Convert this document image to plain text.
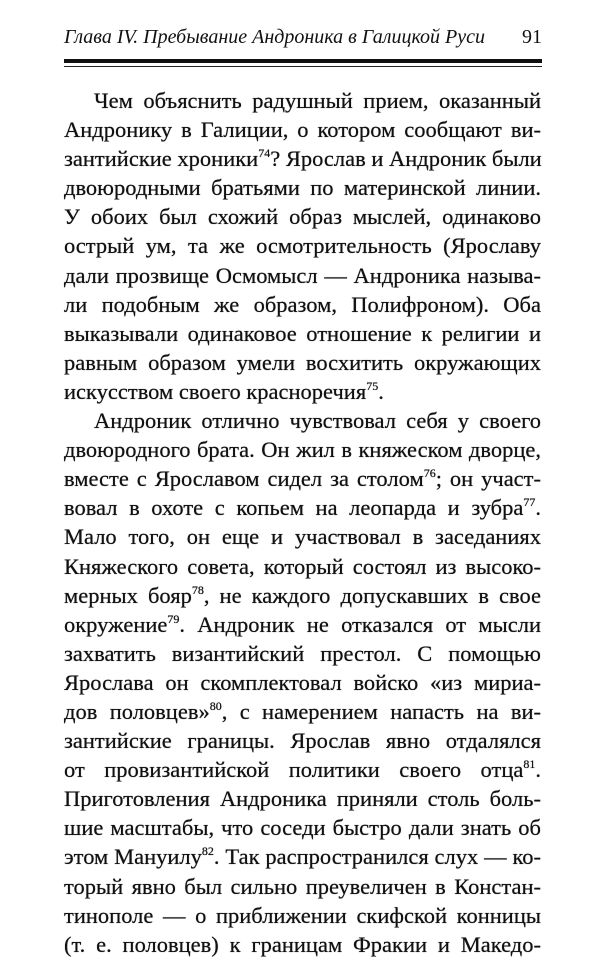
Глава IV. Пребывание Андроника в Галицкой Руси 91
Чем объяснить радушный прием, оказанный
Андронику в Галиции, о котором сообщают ви-
зантийские хроники$^{74}$? Ярослав и Андроник были
двоюродными братьями по материнской линии.
У обоих был схожий образ мыслей, одинаково
острый ум, та же осмотрительность (Ярославу
дали прозвище Осмомысл — Андроника называ-
ли подобным же образом, Полифроном). Оба
выказывали одинаковое отношение к религии и
равным образом умели восхитить окружающих
искусством своего красноречия$^{75}$.
Андроник отлично чувствовал себя у своего
двоюродного брата. Он жил в княжеском дворце,
вместе с Ярославом сидел за столом$^{76}$; он участ-
вовал в охоте с копьем на леопарда и зубра$^{77}$.
Мало того, он еще и участвовал в заседаниях
Княжеского совета, который состоял из высоко-
мерных бояр$^{78}$, не каждого допускавших в свое
окружение$^{79}$. Андроник не отказался от мысли
захватить византийский престол. С помощью
Ярослава он скомплектовал войско «из мириа-
дов половцев»$^{80}$, с намерением напасть на ви-
зантийские границы. Ярослав явно отдалялся
от провизантийской политики своего отца$^{81}$.
Приготовления Андроника приняли столь боль-
шие масштабы, что соседи быстро дали знать об
этом Мануилу$^{82}$. Так распространился слух — ко-
торый явно был сильно преувеличен в Констан-
тинополе — о приближении скифской конницы
(т. е. половцев) к границам Фракии и Македо-
